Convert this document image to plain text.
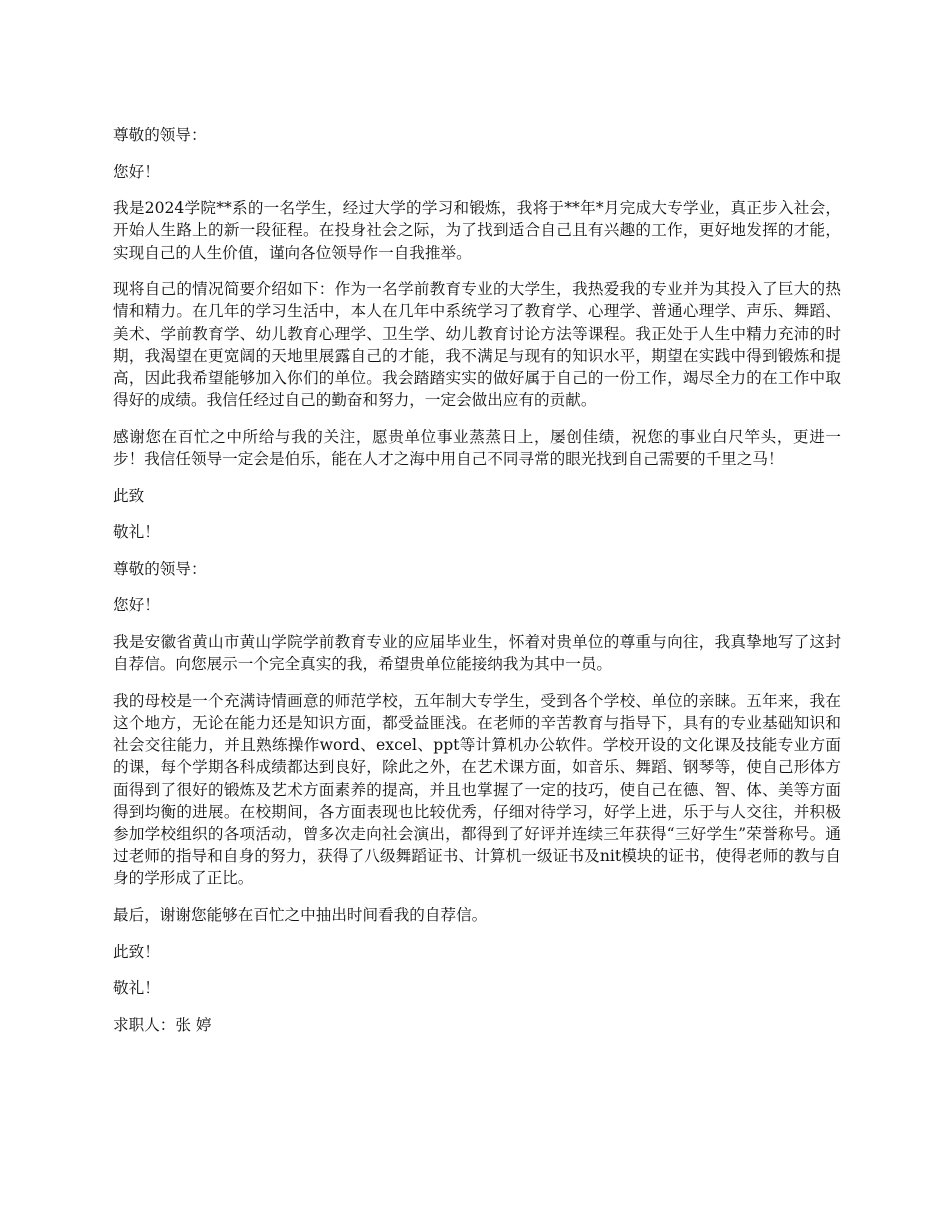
尊敬的领导：

您好！

我是2024学院**系的一名学生，经过大学的学习和锻炼，我将于**年*月完成大专学业，真正步入社会，开始人生路上的新一段征程。在投身社会之际，为了找到适合自己且有兴趣的工作，更好地发挥的才能，实现自己的人生价值，谨向各位领导作一自我推举。

现将自己的情况简要介绍如下：作为一名学前教育专业的大学生，我热爱我的专业并为其投入了巨大的热情和精力。在几年的学习生活中，本人在几年中系统学习了教育学、心理学、普通心理学、声乐、舞蹈、美术、学前教育学、幼儿教育心理学、卫生学、幼儿教育讨论方法等课程。我正处于人生中精力充沛的时期，我渴望在更宽阔的天地里展露自己的才能，我不满足与现有的知识水平，期望在实践中得到锻炼和提高，因此我希望能够加入你们的单位。我会踏踏实实的做好属于自己的一份工作，竭尽全力的在工作中取得好的成绩。我信任经过自己的勤奋和努力，一定会做出应有的贡献。

感谢您在百忙之中所给与我的关注，愿贵单位事业蒸蒸日上，屡创佳绩，祝您的事业白尺竿头，更进一步！我信任领导一定会是伯乐，能在人才之海中用自己不同寻常的眼光找到自己需要的千里之马！

此致

敬礼！

尊敬的领导：

您好！

我是安徽省黄山市黄山学院学前教育专业的应届毕业生，怀着对贵单位的尊重与向往，我真挚地写了这封自荐信。向您展示一个完全真实的我，希望贵单位能接纳我为其中一员。

我的母校是一个充满诗情画意的师范学校，五年制大专学生，受到各个学校、单位的亲睐。五年来，我在这个地方，无论在能力还是知识方面，都受益匪浅。在老师的辛苦教育与指导下，具有的专业基础知识和社会交往能力，并且熟练操作word、excel、ppt等计算机办公软件。学校开设的文化课及技能专业方面的课，每个学期各科成绩都达到良好，除此之外，在艺术课方面，如音乐、舞蹈、钢琴等，使自己形体方面得到了很好的锻炼及艺术方面素养的提高，并且也掌握了一定的技巧，使自己在德、智、体、美等方面得到均衡的进展。在校期间，各方面表现也比较优秀，仔细对待学习，好学上进，乐于与人交往，并积极参加学校组织的各项活动，曾多次走向社会演出，都得到了好评并连续三年获得“三好学生”荣誉称号。通过老师的指导和自身的努力，获得了八级舞蹈证书、计算机一级证书及nit模块的证书，使得老师的教与自身的学形成了正比。

最后，谢谢您能够在百忙之中抽出时间看我的自荐信。

此致！

敬礼！

求职人：张 婷
